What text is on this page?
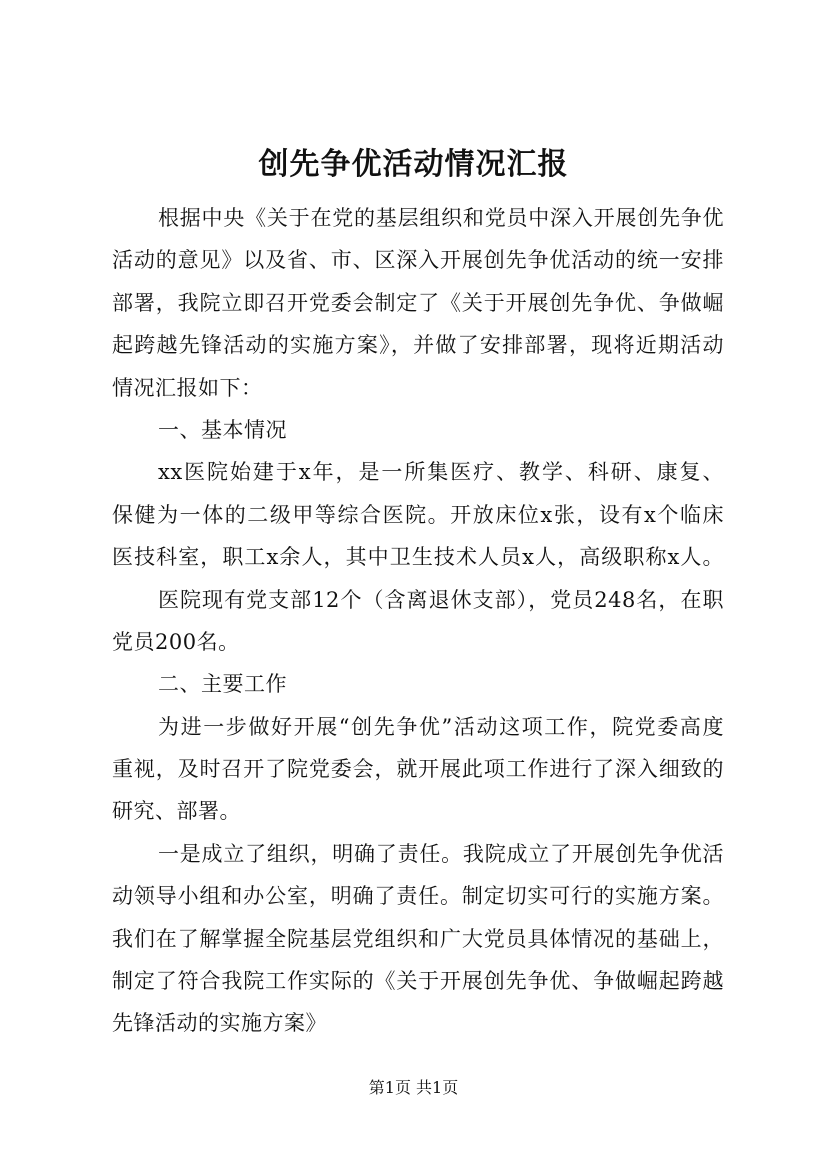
创先争优活动情况汇报
根据中央《关于在党的基层组织和党员中深入开展创先争优
活动的意见》以及省、市、区深入开展创先争优活动的统一安排
部署，我院立即召开党委会制定了《关于开展创先争优、争做崛
起跨越先锋活动的实施方案》，并做了安排部署，现将近期活动
情况汇报如下：
一、基本情况
xx医院始建于x年，是一所集医疗、教学、科研、康复、
保健为一体的二级甲等综合医院。开放床位x张，设有x个临床
医技科室，职工x余人，其中卫生技术人员x人，高级职称x人。
医院现有党支部12个（含离退休支部），党员248名，在职
党员200名。
二、主要工作
为进一步做好开展“创先争优”活动这项工作，院党委高度
重视，及时召开了院党委会，就开展此项工作进行了深入细致的
研究、部署。
一是成立了组织，明确了责任。我院成立了开展创先争优活
动领导小组和办公室，明确了责任。制定切实可行的实施方案。
我们在了解掌握全院基层党组织和广大党员具体情况的基础上，
制定了符合我院工作实际的《关于开展创先争优、争做崛起跨越
先锋活动的实施方案》
第1页 共1页
